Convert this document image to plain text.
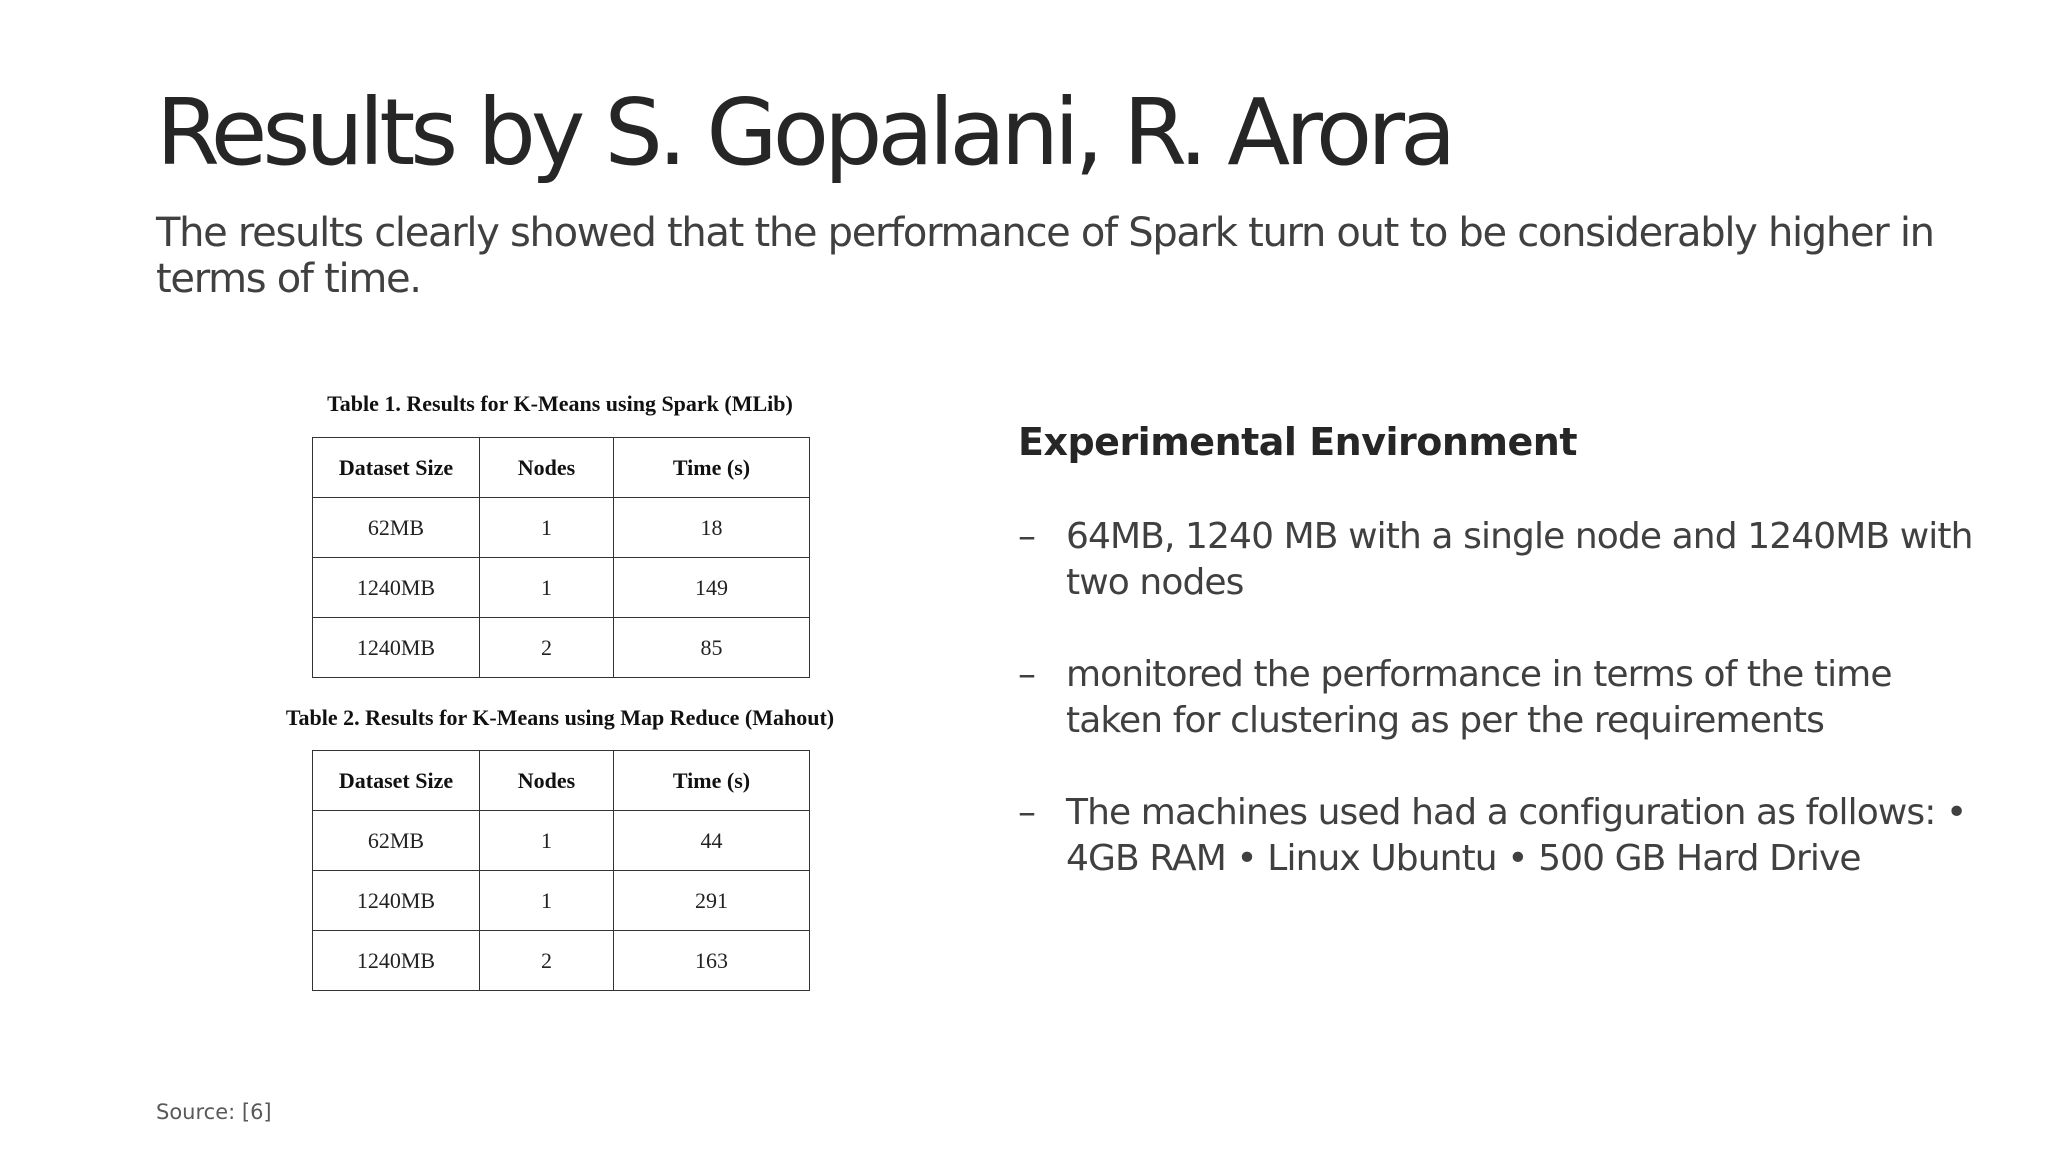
Results by S. Gopalani, R. Arora

The results clearly showed that the performance of Spark turn out to be considerably higher in terms of time.

Table 1. Results for K-Means using Spark (MLib)
Dataset Size	Nodes	Time (s)
62MB	1	18
1240MB	1	149
1240MB	2	85
Table 2. Results for K-Means using Map Reduce (Mahout)
Dataset Size	Nodes	Time (s)
62MB	1	44
1240MB	1	291
1240MB	2	163
Experimental Environment
– 64MB, 1240 MB with a single node and 1240MB with two nodes
– monitored the performance in terms of the time taken for clustering as per the requirements
– The machines used had a configuration as follows: • 4GB RAM • Linux Ubuntu • 500 GB Hard Drive
Source: [6]
